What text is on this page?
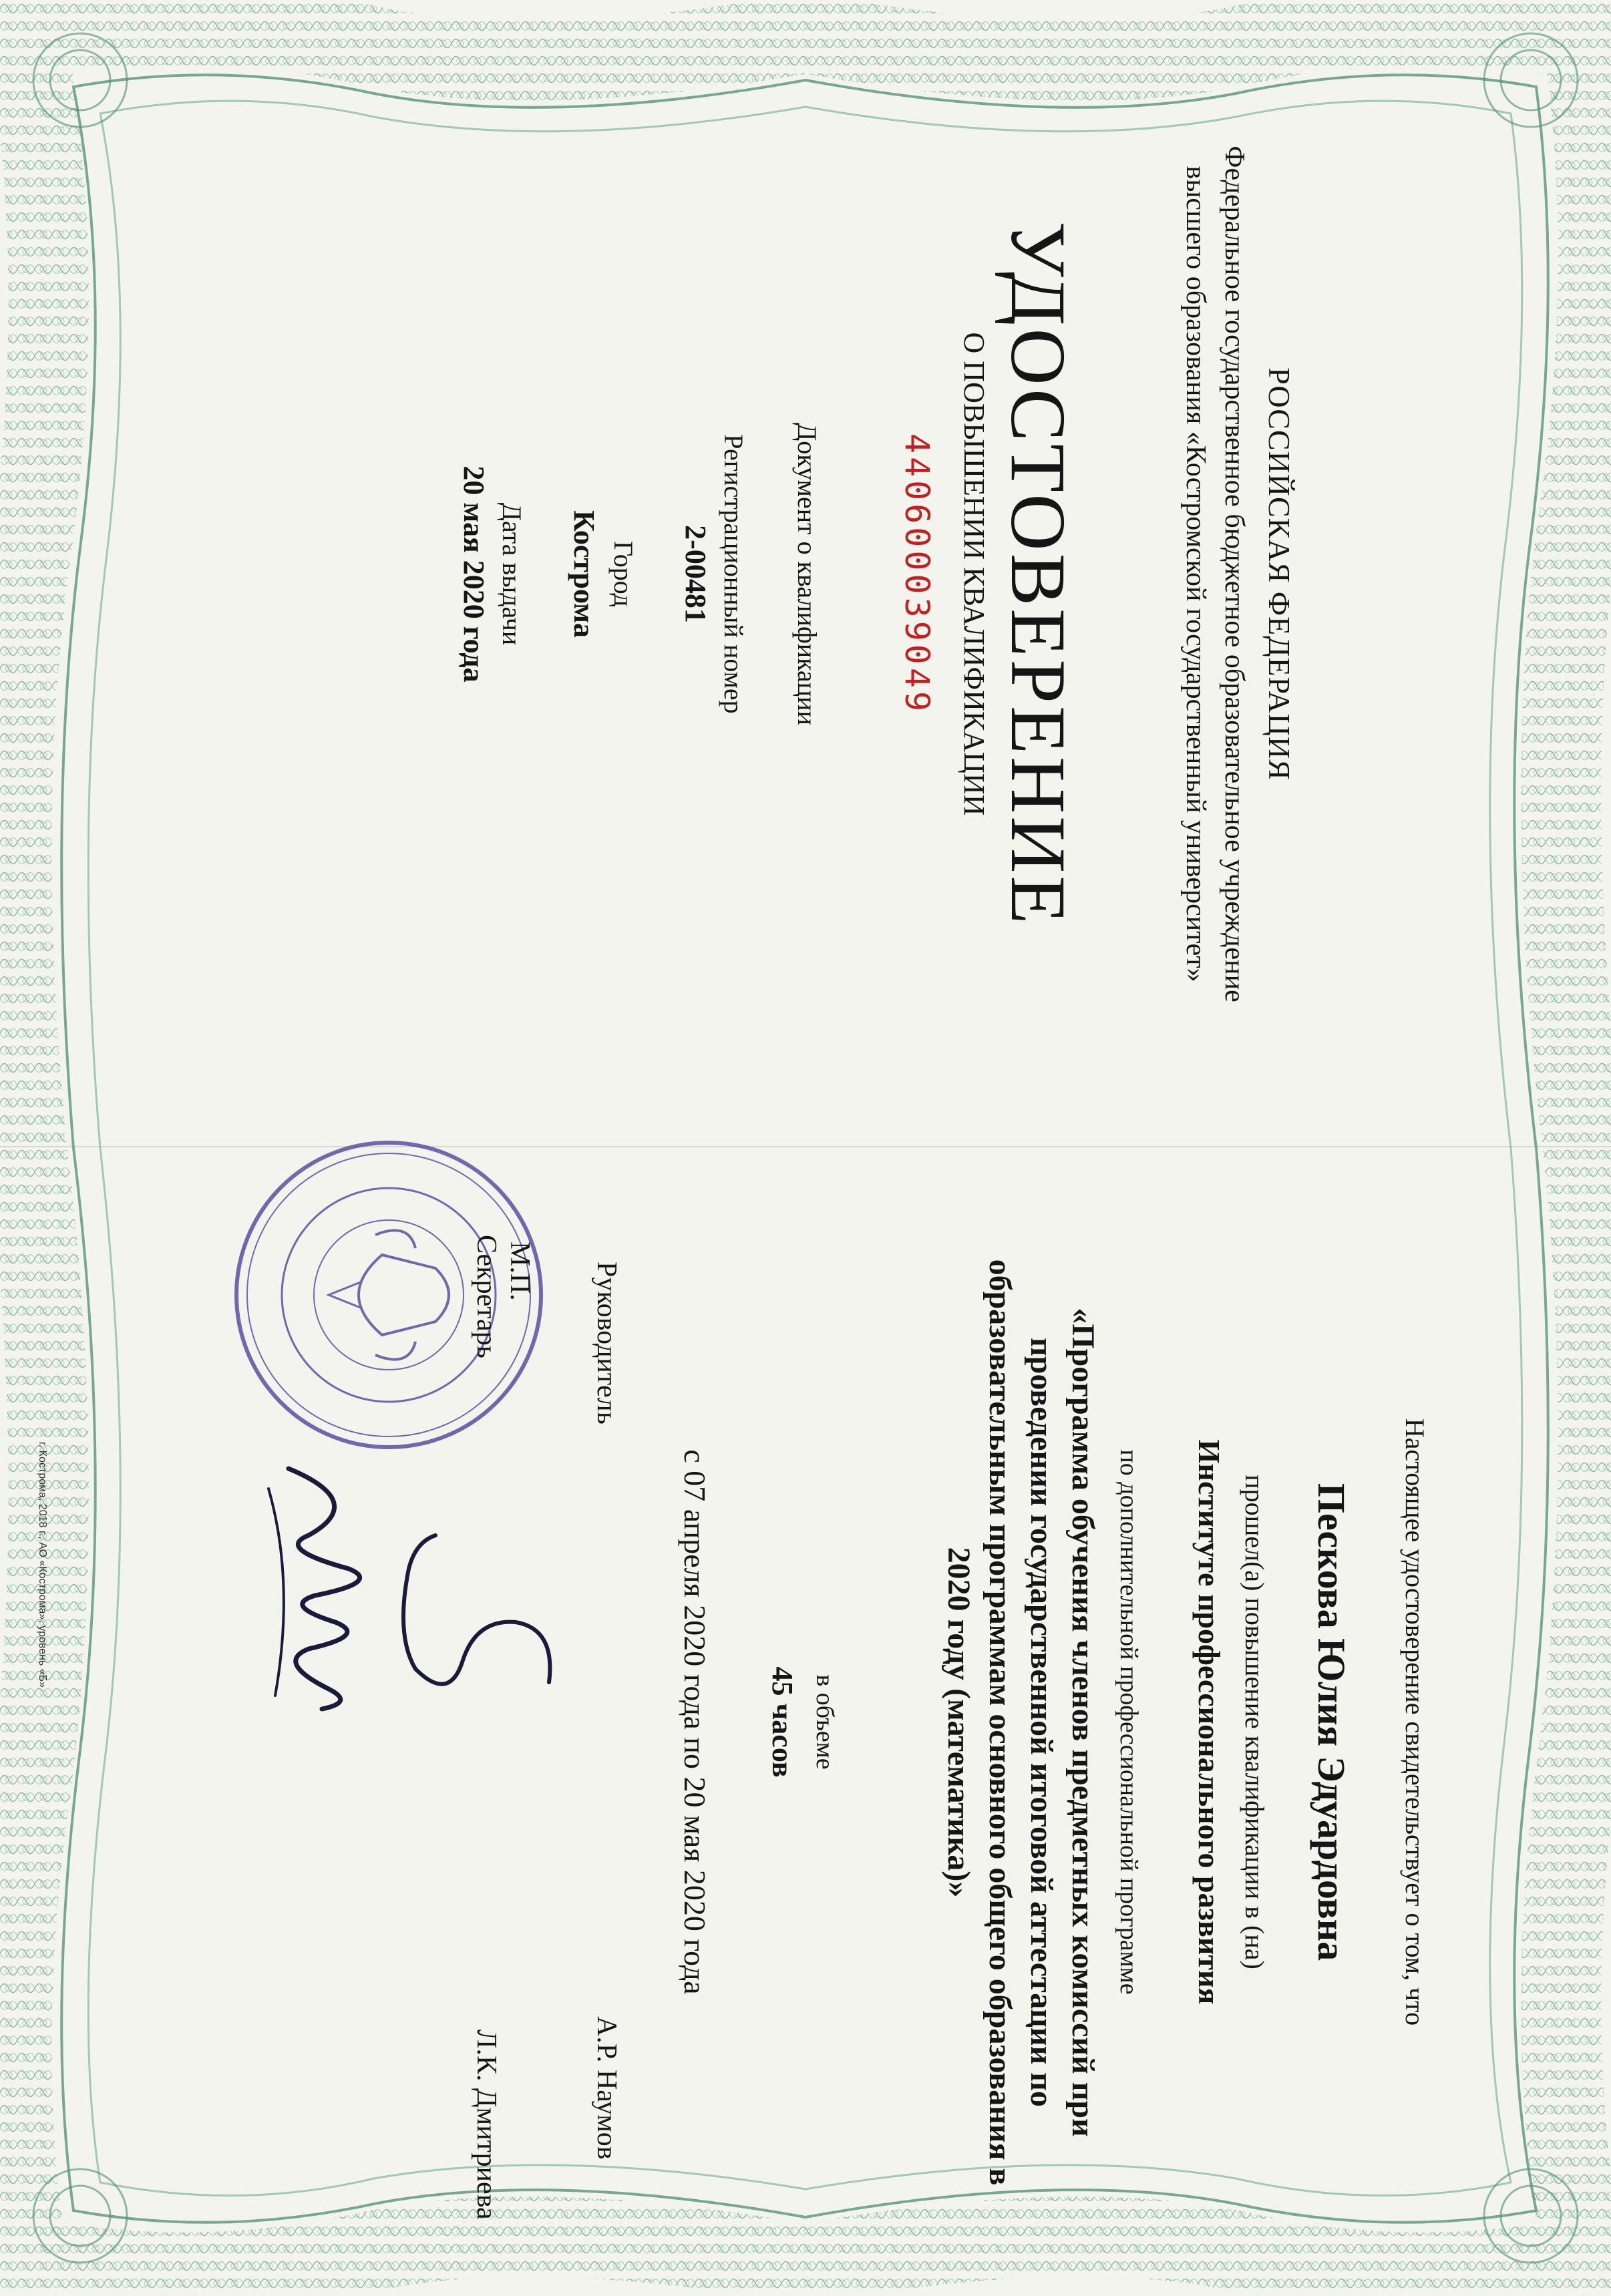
РОССИЙСКАЯ ФЕДЕРАЦИЯ
Федеральное государственное бюджетное образовательное учреждение высшего образования «Костромской государственный университет»
УДОСТОВЕРЕНИЕ
О ПОВЫШЕНИИ КВАЛИФИКАЦИИ
440600039049
Документ о квалификации
Регистрационный номер
2-00481
Город
Кострома
Дата выдачи
20 мая 2020 года
Настоящее удостоверение свидетельствует о том, что
Пескова Юлия Эдуардовна
прошел(а) повышение квалификации в (на)
Институте профессионального развития
по дополнительной профессиональной программе
«Программа обучения членов предметных комиссий при проведении государственной итоговой аттестации по образовательным программам основного общего образования в 2020 году (математика)»
в объеме
45 часов
с 07 апреля 2020 года по 20 мая 2020 года
Руководитель
А.Р. Наумов
М.П.
Секретарь
Л.К. Дмитриева
г. Кострома, 2018 г., АО «Кострома», уровень «Б»
